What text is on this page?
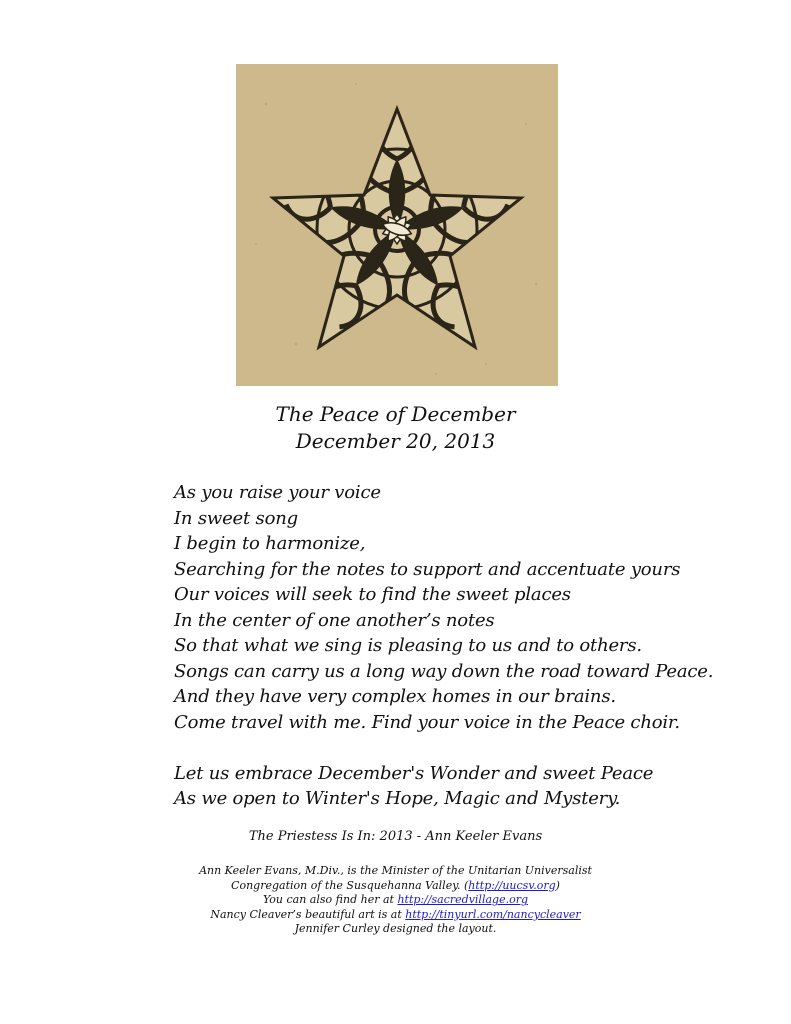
The Peace of December
December 20, 2013
As you raise your voice
In sweet song
I begin to harmonize,
Searching for the notes to support and accentuate yours
Our voices will seek to find the sweet places
In the center of one another’s notes
So that what we sing is pleasing to us and to others.
Songs can carry us a long way down the road toward Peace.
And they have very complex homes in our brains.
Come travel with me. Find your voice in the Peace choir.
Let us embrace December's Wonder and sweet Peace
As we open to Winter's Hope, Magic and Mystery.
The Priestess Is In: 2013 - Ann Keeler Evans
Ann Keeler Evans, M.Div., is the Minister of the Unitarian Universalist
Congregation of the Susquehanna Valley. (http://uucsv.org)
You can also find her at http://sacredvillage.org
Nancy Cleaver’s beautiful art is at http://tinyurl.com/nancycleaver
Jennifer Curley designed the layout.
